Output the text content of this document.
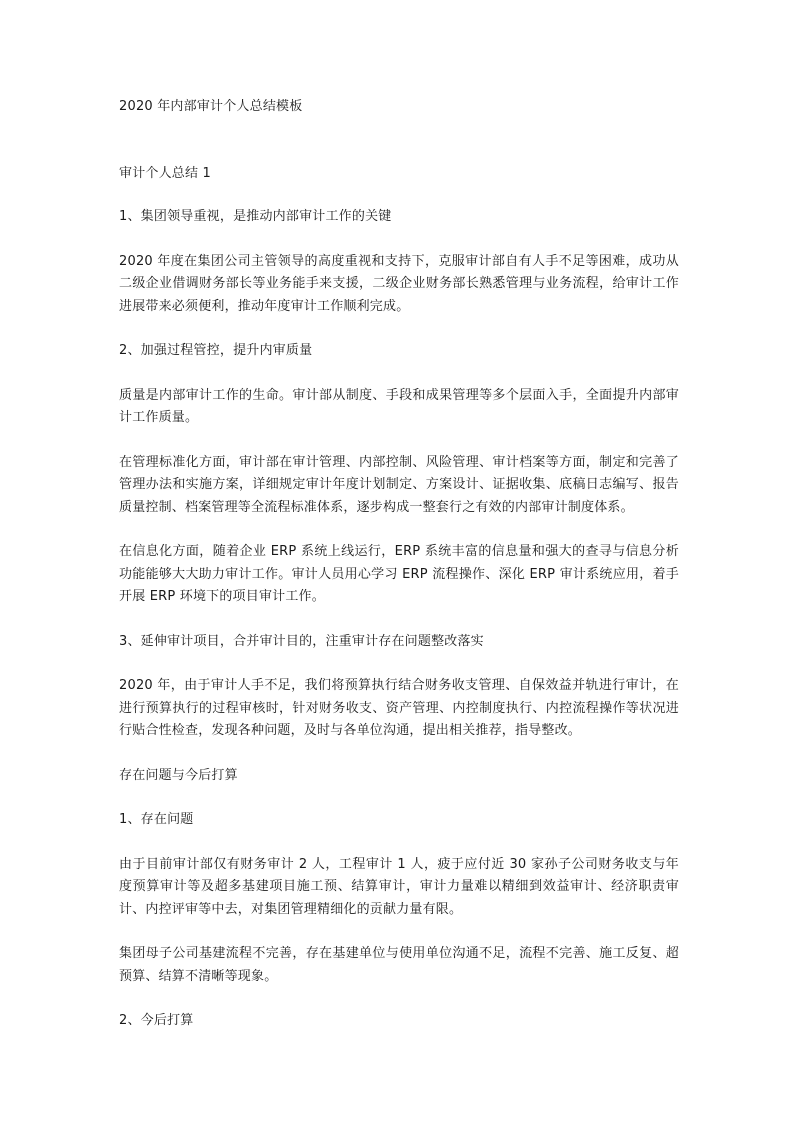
2020 年内部审计个人总结模板

审计个人总结 1

1、集团领导重视，是推动内部审计工作的关键

2020 年度在集团公司主管领导的高度重视和支持下，克服审计部自有人手不足等困难，成功从二级企业借调财务部长等业务能手来支援，二级企业财务部长熟悉管理与业务流程，给审计工作进展带来必须便利，推动年度审计工作顺利完成。

2、加强过程管控，提升内审质量

质量是内部审计工作的生命。审计部从制度、手段和成果管理等多个层面入手，全面提升内部审计工作质量。

在管理标准化方面，审计部在审计管理、内部控制、风险管理、审计档案等方面，制定和完善了管理办法和实施方案，详细规定审计年度计划制定、方案设计、证据收集、底稿日志编写、报告质量控制、档案管理等全流程标准体系，逐步构成一整套行之有效的内部审计制度体系。

在信息化方面，随着企业 ERP 系统上线运行，ERP 系统丰富的信息量和强大的查寻与信息分析功能能够大大助力审计工作。审计人员用心学习 ERP 流程操作、深化 ERP 审计系统应用，着手开展 ERP 环境下的项目审计工作。

3、延伸审计项目，合并审计目的，注重审计存在问题整改落实

2020 年，由于审计人手不足，我们将预算执行结合财务收支管理、自保效益并轨进行审计，在进行预算执行的过程审核时，针对财务收支、资产管理、内控制度执行、内控流程操作等状况进行贴合性检查，发现各种问题，及时与各单位沟通，提出相关推荐，指导整改。

存在问题与今后打算

1、存在问题

由于目前审计部仅有财务审计 2 人，工程审计 1 人，疲于应付近 30 家孙子公司财务收支与年度预算审计等及超多基建项目施工预、结算审计，审计力量难以精细到效益审计、经济职责审计、内控评审等中去，对集团管理精细化的贡献力量有限。

集团母子公司基建流程不完善，存在基建单位与使用单位沟通不足，流程不完善、施工反复、超预算、结算不清晰等现象。

2、今后打算
